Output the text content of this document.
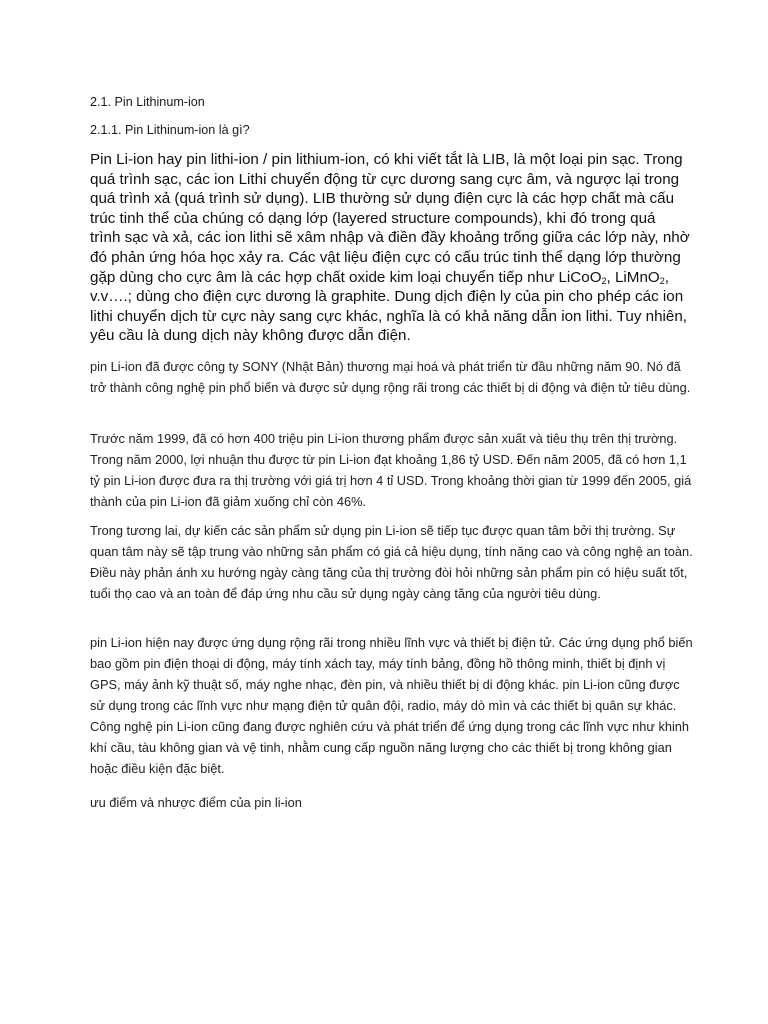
2.1. Pin Lithinum-ion
2.1.1. Pin Lithinum-ion là gì?
Pin Li-ion hay pin lithi-ion / pin lithium-ion, có khi viết tắt là LIB, là một loại pin sạc. Trong quá trình sạc, các ion Lithi chuyển động từ cực dương sang cực âm, và ngược lại trong quá trình xả (quá trình sử dụng). LIB thường sử dụng điện cực là các hợp chất mà cấu trúc tinh thể của chúng có dạng lớp (layered structure compounds), khi đó trong quá trình sạc và xả, các ion lithi sẽ xâm nhập và điền đầy khoảng trống giữa các lớp này, nhờ đó phản ứng hóa học xảy ra. Các vật liệu điện cực có cấu trúc tinh thể dạng lớp thường gặp dùng cho cực âm là các hợp chất oxide kim loại chuyển tiếp như LiCoO$_2$, LiMnO$_2$, v.v….; dùng cho điện cực dương là graphite. Dung dịch điện ly của pin cho phép các ion lithi chuyển dịch từ cực này sang cực khác, nghĩa là có khả năng dẫn ion lithi. Tuy nhiên, yêu cầu là dung dịch này không được dẫn điện.
pin Li-ion đã được công ty SONY (Nhật Bản) thương mại hoá và phát triển từ đầu những năm 90. Nó đã trở thành công nghệ pin phổ biến và được sử dụng rộng rãi trong các thiết bị di động và điện tử tiêu dùng.
Trước năm 1999, đã có hơn 400 triệu pin Li-ion thương phẩm được sản xuất và tiêu thụ trên thị trường. Trong năm 2000, lợi nhuận thu được từ pin Li-ion đạt khoảng 1,86 tỷ USD. Đến năm 2005, đã có hơn 1,1 tỷ pin Li-ion được đưa ra thị trường với giá trị hơn 4 tỉ USD. Trong khoảng thời gian từ 1999 đến 2005, giá thành của pin Li-ion đã giảm xuống chỉ còn 46%.
Trong tương lai, dự kiến các sản phẩm sử dụng pin Li-ion sẽ tiếp tục được quan tâm bởi thị trường. Sự quan tâm này sẽ tập trung vào những sản phẩm có giá cả hiệu dụng, tính năng cao và công nghệ an toàn. Điều này phản ánh xu hướng ngày càng tăng của thị trường đòi hỏi những sản phẩm pin có hiệu suất tốt, tuổi thọ cao và an toàn để đáp ứng nhu cầu sử dụng ngày càng tăng của người tiêu dùng.
pin Li-ion hiện nay được ứng dụng rộng rãi trong nhiều lĩnh vực và thiết bị điện tử. Các ứng dụng phổ biến bao gồm pin điện thoại di động, máy tính xách tay, máy tính bảng, đồng hồ thông minh, thiết bị định vị GPS, máy ảnh kỹ thuật số, máy nghe nhạc, đèn pin, và nhiều thiết bị di động khác. pin Li-ion cũng được sử dụng trong các lĩnh vực như mạng điện tử quân đội, radio, máy dò mìn và các thiết bị quân sự khác. Công nghệ pin Li-ion cũng đang được nghiên cứu và phát triển để ứng dụng trong các lĩnh vực như khinh khí cầu, tàu không gian và vệ tinh, nhằm cung cấp nguồn năng lượng cho các thiết bị trong không gian hoặc điều kiện đặc biệt.
ưu điểm và nhược điểm của pin li-ion
